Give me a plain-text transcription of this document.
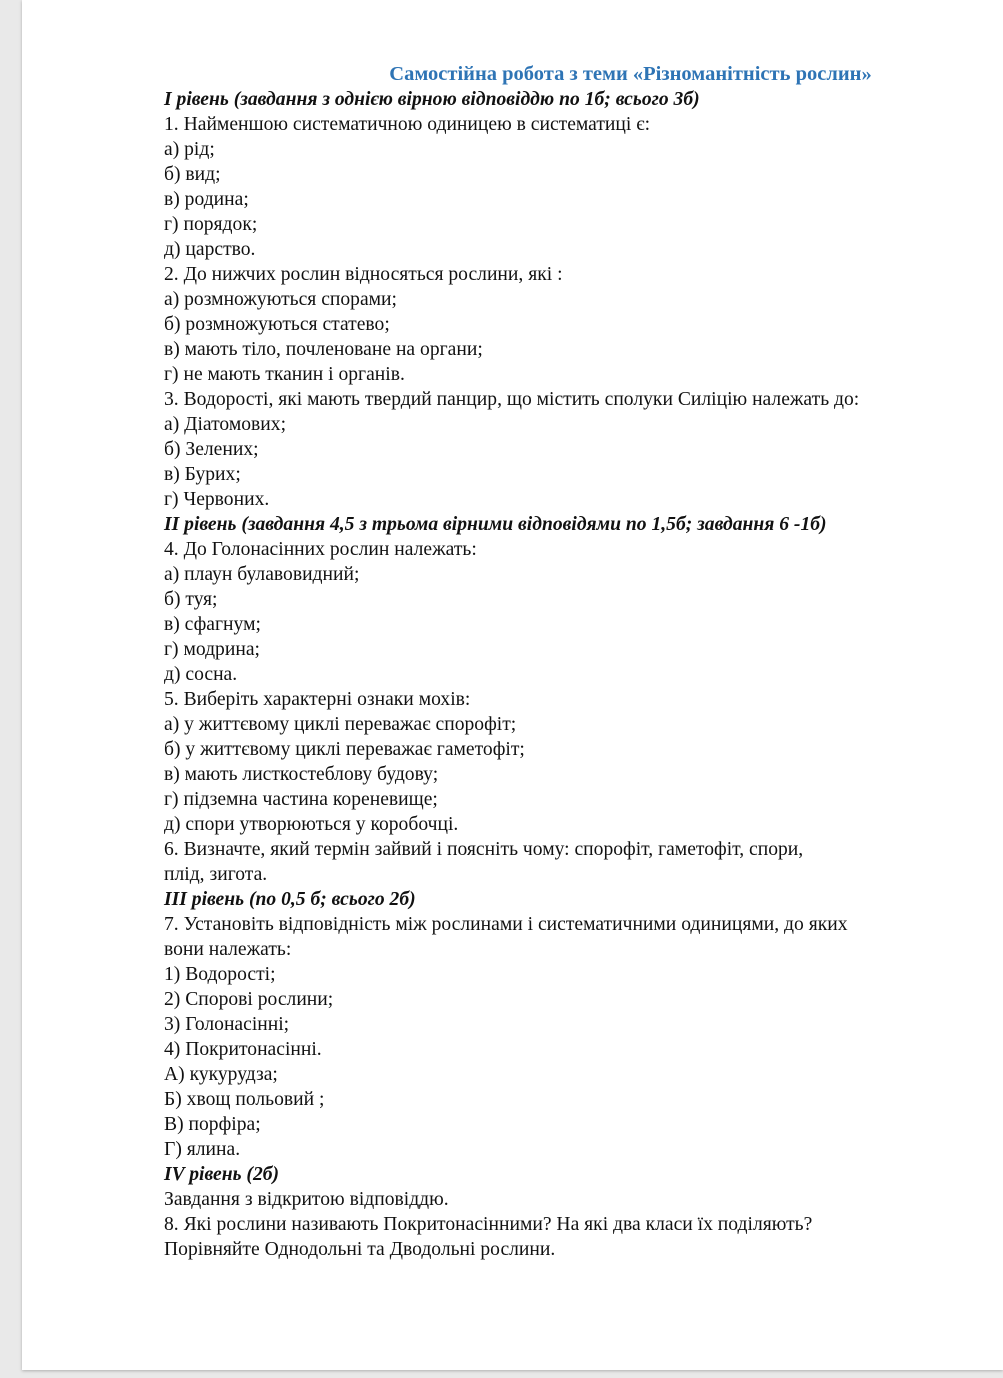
Самостійна робота з теми «Різноманітність рослин»
I рівень (завдання з однією вірною відповіддю по 1б; всього 3б)
1. Найменшою систематичною одиницею в систематиці є:
а) рід;
б) вид;
в) родина;
г) порядок;
д) царство.
2. До нижчих рослин відносяться рослини, які :
а) розмножуються спорами;
б) розмножуються статево;
в) мають тіло, почленоване на органи;
г) не мають тканин і органів.
3. Водорості, які мають твердий панцир, що містить сполуки Силіцію належать до:
а) Діатомових;
б) Зелених;
в) Бурих;
г) Червоних.
II рівень (завдання 4,5 з трьома вірними відповідями по 1,5б; завдання 6 -1б)
4. До Голонасінних рослин належать:
а) плаун булавовидний;
б) туя;
в) сфагнум;
г) модрина;
д) сосна.
5. Виберіть характерні ознаки мохів:
а) у життєвому циклі переважає спорофіт;
б) у життєвому циклі переважає гаметофіт;
в) мають листкостеблову будову;
г) підземна частина кореневище;
д) спори утворюються у коробочці.
6. Визначте, який термін зайвий і поясніть чому: спорофіт, гаметофіт, спори,
плід, зигота.
III рівень (по 0,5 б; всього 2б)
7. Установіть відповідність між рослинами і систематичними одиницями, до яких
вони належать:
1) Водорості;
2) Спорові рослини;
3) Голонасінні;
4) Покритонасінні.
А) кукурудза;
Б) хвощ польовий ;
В) порфіра;
Г) ялина.
IV рівень (2б)
Завдання з відкритою відповіддю.
8. Які рослини називають Покритонасінними? На які два класи їх поділяють?
Порівняйте Однодольні та Дводольні рослини.
